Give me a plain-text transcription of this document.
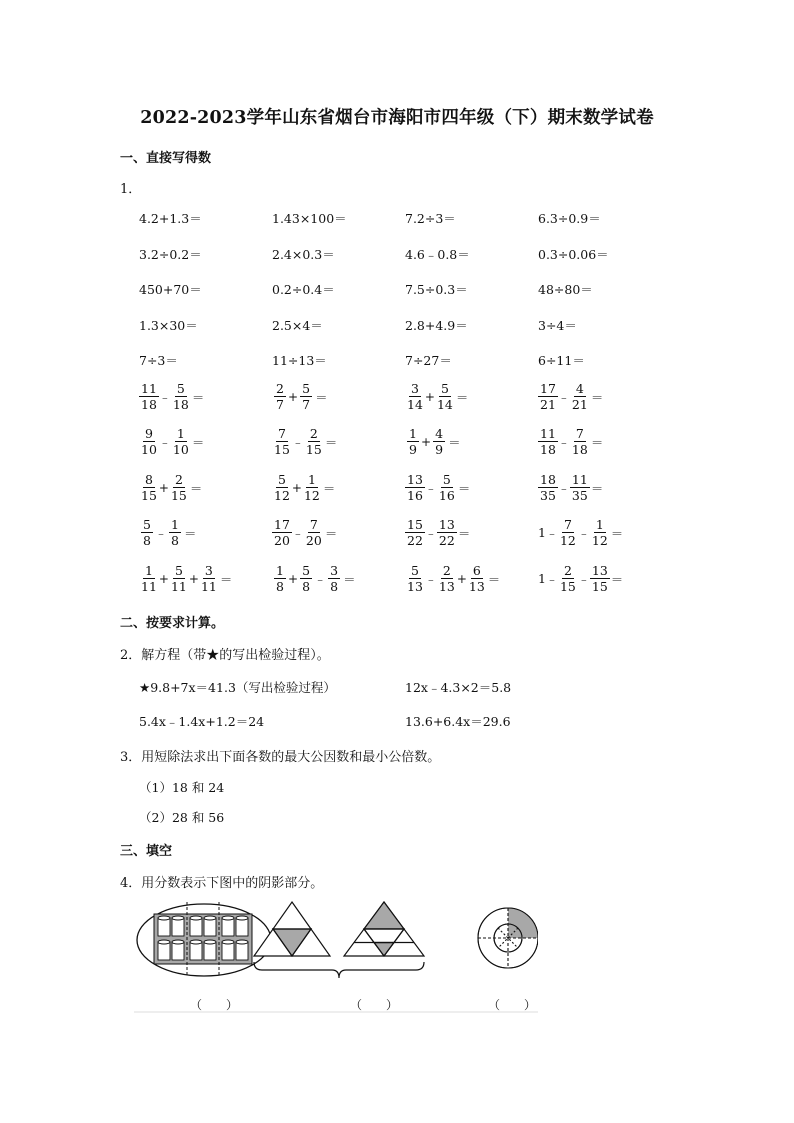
2022-2023学年山东省烟台市海阳市四年级（下）期末数学试卷
一、直接写得数
1．
4.2+1.3＝	1.43×100＝	7.2÷3＝	6.3÷0.9＝
3.2÷0.2＝	2.4×0.3＝	4.6﹣0.8＝	0.3÷0.06＝
450+70＝	0.2÷0.4＝	7.5÷0.3＝	48÷80＝
1.3×30＝	2.5×4＝	2.8+4.9＝	3÷4＝
7÷3＝	11÷13＝	7÷27＝	6÷11＝
$\frac{11}{18}$ ﹣ $\frac{5}{18}$ ＝	$\frac{2}{7} + \frac{5}{7}$ ＝	$\frac{3}{14} + \frac{5}{14}$ ＝	$\frac{17}{21}$ ﹣ $\frac{4}{21}$ ＝
$\frac{9}{10}$ ﹣ $\frac{1}{10}$ ＝	$\frac{7}{15}$ ﹣ $\frac{2}{15}$ ＝	$\frac{1}{9} + \frac{4}{9}$ ＝	$\frac{11}{18}$ ﹣ $\frac{7}{18}$ ＝
$\frac{8}{15} + \frac{2}{15}$ ＝	$\frac{5}{12} + \frac{1}{12}$ ＝	$\frac{13}{16}$ ﹣ $\frac{5}{16}$ ＝	$\frac{18}{35}$ ﹣ $\frac{11}{35}$ ＝
$\frac{5}{8}$ ﹣ $\frac{1}{8}$ ＝	$\frac{17}{20}$ ﹣ $\frac{7}{20}$ ＝	$\frac{15}{22}$ ﹣ $\frac{13}{22}$ ＝	1 ﹣ $\frac{7}{12}$ ﹣ $\frac{1}{12}$ ＝
$\frac{1}{11} + \frac{5}{11} + \frac{3}{11}$ ＝	$\frac{1}{8} + \frac{5}{8}$ ﹣ $\frac{3}{8}$ ＝	$\frac{5}{13}$ ﹣ $\frac{2}{13} + \frac{6}{13}$ ＝	1 ﹣ $\frac{2}{15}$ ﹣ $\frac{13}{15}$ ＝
二、按要求计算。
2．解方程（带★的写出检验过程）。
★9.8+7x＝41.3（写出检验过程）	12x﹣4.3×2＝5.8
5.4x﹣1.4x+1.2＝24	13.6+6.4x＝29.6
3．用短除法求出下面各数的最大公因数和最小公倍数。
（1）18 和 24
（2）28 和 56
三、填空
4．用分数表示下图中的阴影部分。
（　　）	（　　）	（　　）
